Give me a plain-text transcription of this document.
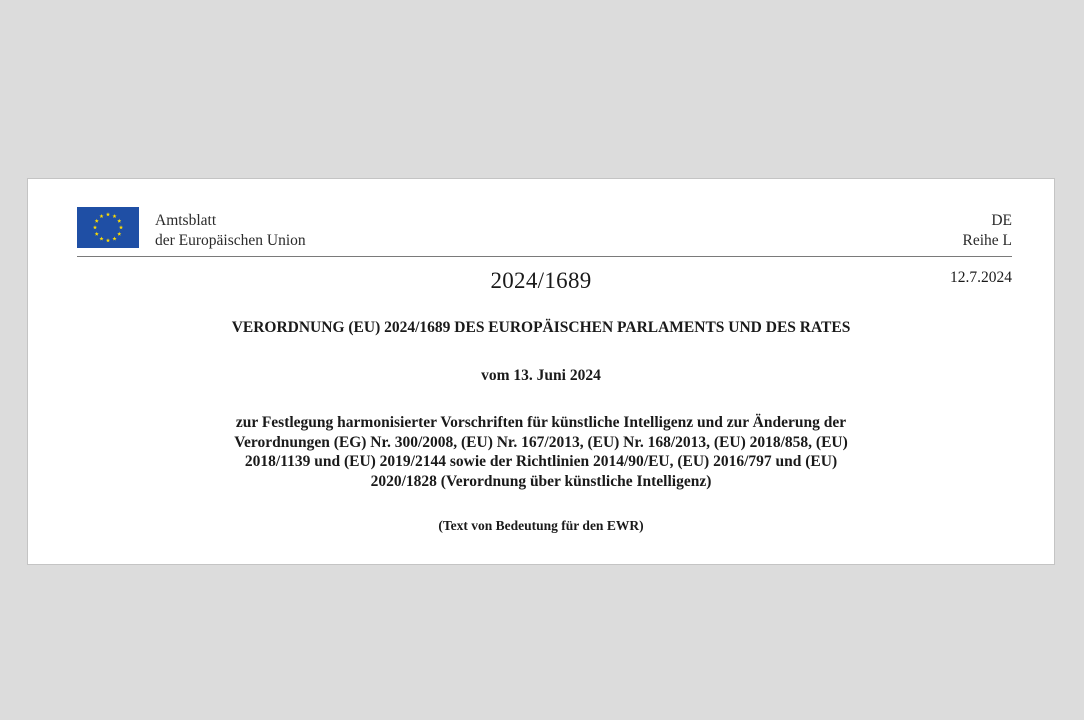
Amtsblatt
der Europäischen Union
DE
Reihe L
2024/1689	12.7.2024
VERORDNUNG (EU) 2024/1689 DES EUROPÄISCHEN PARLAMENTS UND DES RATES
vom 13. Juni 2024
zur Festlegung harmonisierter Vorschriften für künstliche Intelligenz und zur Änderung der
Verordnungen (EG) Nr. 300/2008, (EU) Nr. 167/2013, (EU) Nr. 168/2013, (EU) 2018/858, (EU)
2018/1139 und (EU) 2019/2144 sowie der Richtlinien 2014/90/EU, (EU) 2016/797 und (EU)
2020/1828 (Verordnung über künstliche Intelligenz)
(Text von Bedeutung für den EWR)
